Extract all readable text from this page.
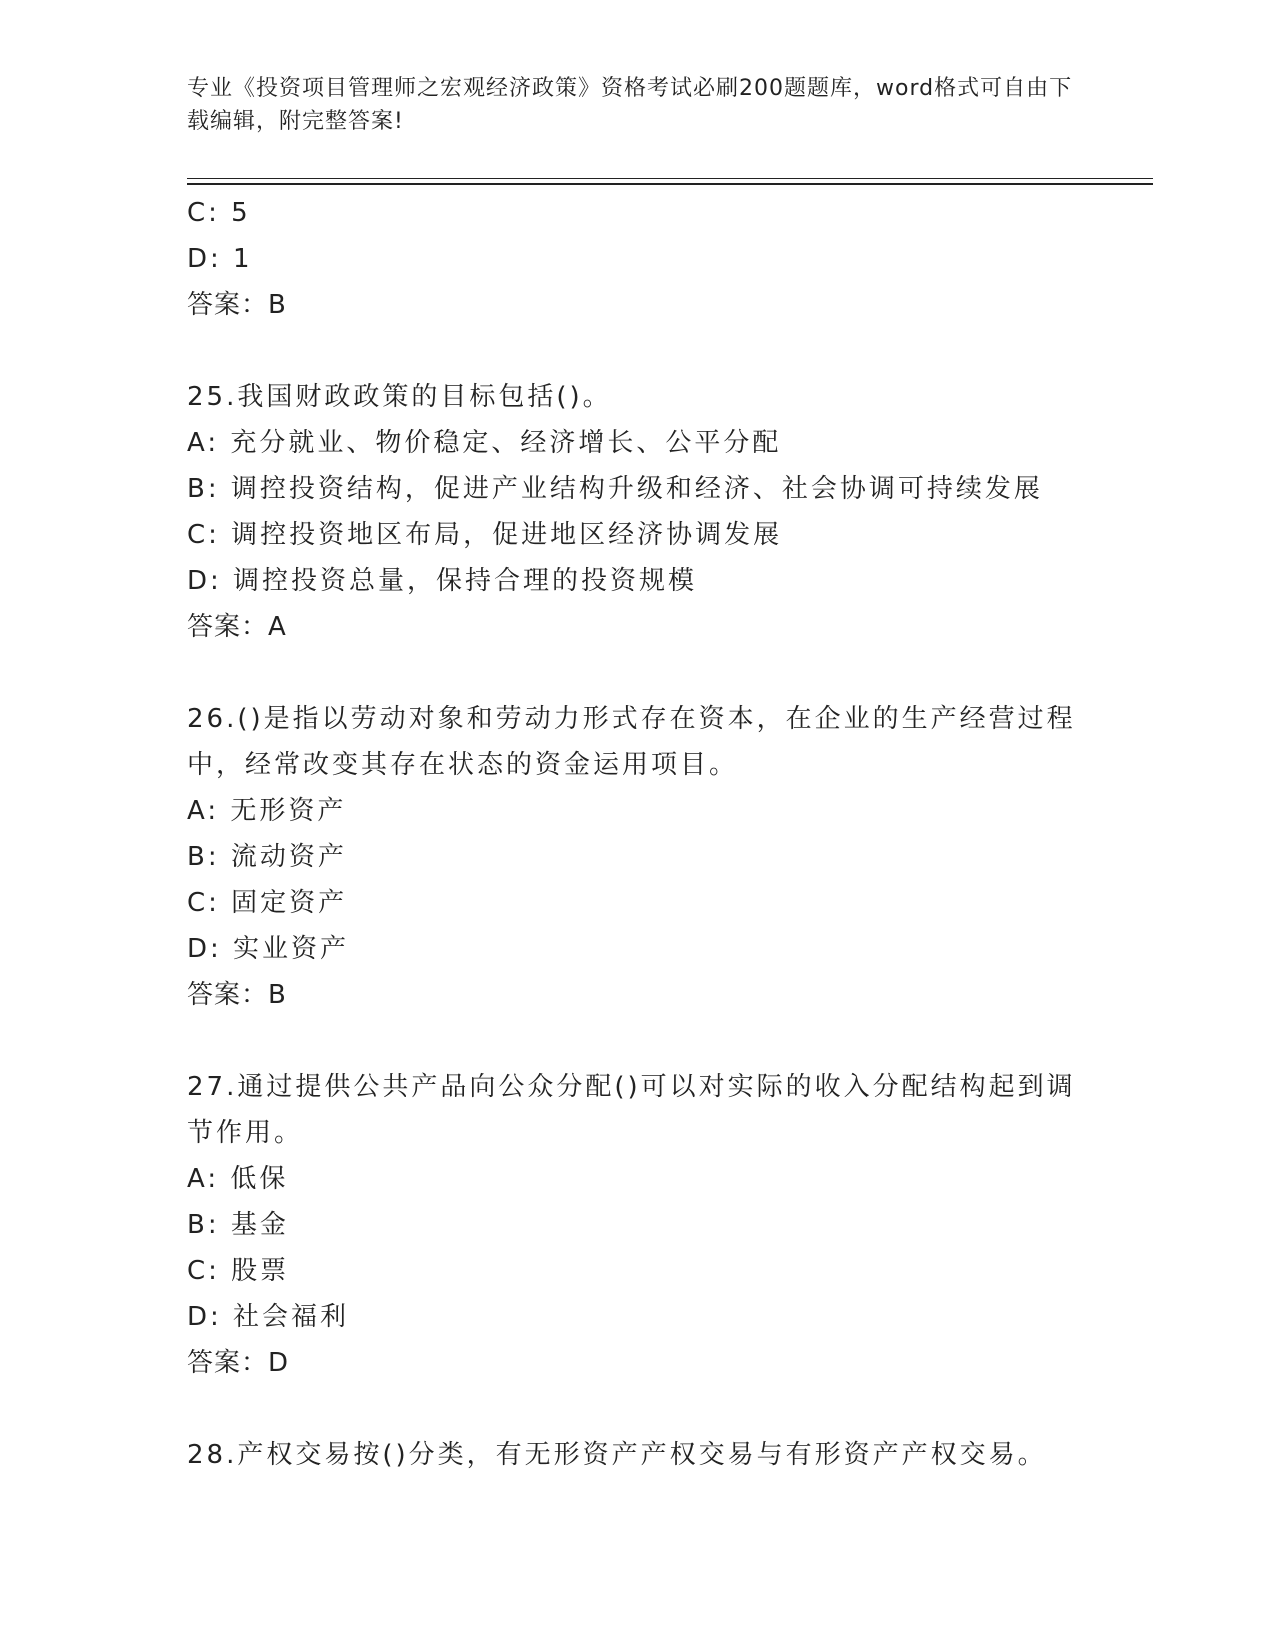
专业《投资项目管理师之宏观经济政策》资格考试必刷200题题库，word格式可自由下载编辑，附完整答案!
C: 5
D: 1
答案：B
25.我国财政政策的目标包括()。
A: 充分就业、物价稳定、经济增长、公平分配
B: 调控投资结构，促进产业结构升级和经济、社会协调可持续发展
C: 调控投资地区布局，促进地区经济协调发展
D: 调控投资总量，保持合理的投资规模
答案：A
26.()是指以劳动对象和劳动力形式存在资本，在企业的生产经营过程中，经常改变其存在状态的资金运用项目。
A: 无形资产
B: 流动资产
C: 固定资产
D: 实业资产
答案：B
27.通过提供公共产品向公众分配()可以对实际的收入分配结构起到调节作用。
A: 低保
B: 基金
C: 股票
D: 社会福利
答案：D
28.产权交易按()分类，有无形资产产权交易与有形资产产权交易。
